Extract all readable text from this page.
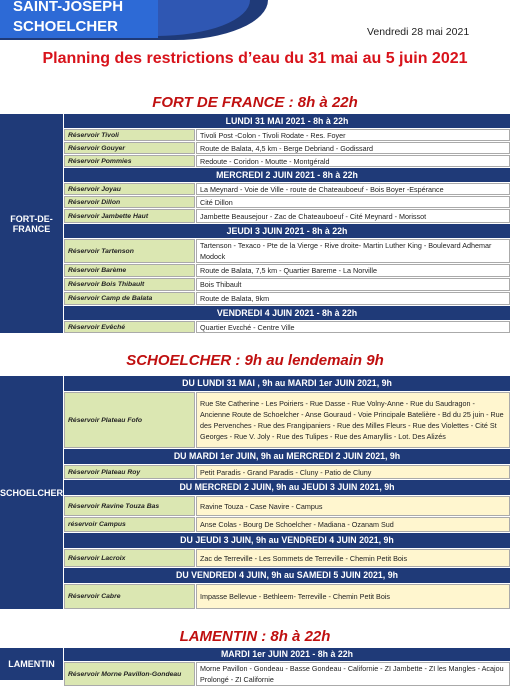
SAINT-JOSEPH
SCHOELCHER	Vendredi 28 mai 2021
Planning des restrictions d’eau du 31 mai au 5 juin 2021
FORT DE FRANCE : 8h à 22h
FORT-DE-FRANCE
LUNDI 31 MAI 2021 - 8h à 22h
Réservoir Tivoli	Tivoli Post -Colon - Tivoli Rodate - Res. Foyer
Réservoir Gouyer	Route de Balata, 4,5 km - Berge Debriand - Godissard
Réservoir Pommies	Redoute - Coridon - Moutte - Montgérald
MERCREDI 2 JUIN 2021 - 8h à 22h
Réservoir Joyau	La Meynard - Voie de Ville - route de Chateauboeuf - Bois Boyer -Espérance
Réservoir Dillon	Cité Dillon
Réservoir Jambette Haut	Jambette Beausejour - Zac de Chateauboeuf - Cité Meynard - Morissot
JEUDI 3 JUIN 2021 - 8h à 22h
Réservoir Tartenson
Tartenson - Texaco - Pte de la Vierge - Rive droite- Martin Luther King - Boulevard Adhemar Modock
Réservoir Barème	Route de Balata, 7,5 km - Quartier Bareme - La Norville
Réservoir Bois Thibault	Bois Thibault
Réservoir Camp de Balata	Route de Balata, 9km
VENDREDI 4 JUIN 2021 - 8h à 22h
Réservoir Evêché	Quartier Evεché - Centre Ville
SCHOELCHER : 9h au lendemain 9h
SCHOELCHER
DU LUNDI 31 MAI , 9h au MARDI 1er JUIN 2021, 9h
Réservoir Plateau Fofo
Rue Ste Catherine - Les Poiriers - Rue Dasse - Rue Volny-Anne - Rue du Saudragon - Ancienne Route de Schoelcher - Anse Gouraud - Voie Principale Batelière - Bd du 25 juin - Rue des Pervenches - Rue des Frangipaniers - Rue des Milles Fleurs - Rue des Violettes - Cité St Georges - Rue V. Joly - Rue des Tulipes - Rue des Amaryllis - Lot. Des Alizés
DU MARDI 1er JUIN, 9h au MERCREDI 2 JUIN 2021, 9h
Réservoir Plateau Roy	Petit Paradis - Grand Paradis - Cluny - Patio de Cluny
DU MERCREDI 2 JUIN, 9h au JEUDI 3 JUIN 2021, 9h
Réservoir Ravine Touza Bas	Ravine Touza - Case Navire - Campus
réservoir Campus	Anse Colas - Bourg De Schoelcher - Madiana - Ozanam Sud
DU JEUDI 3 JUIN, 9h au VENDREDI 4 JUIN 2021, 9h
Réservoir Lacroix	Zac de Terreville - Les Sommets de Terreville - Chemin Petit Bois
DU VENDREDI 4 JUIN, 9h au SAMEDI 5 JUIN 2021, 9h
Réservoir Cabre	Impasse Bellevue - Bethleem- Terreville - Chemin Petit Bois
LAMENTIN : 8h à 22h
LAMENTIN
MARDI 1er JUIN 2021 - 8h à 22h
Réservoir Morne Pavillon-Gondeau
Morne Pavillon - Gondeau - Basse Gondeau - Californie - ZI Jambette - ZI les Mangles - Acajou Prolongé - ZI Californie
